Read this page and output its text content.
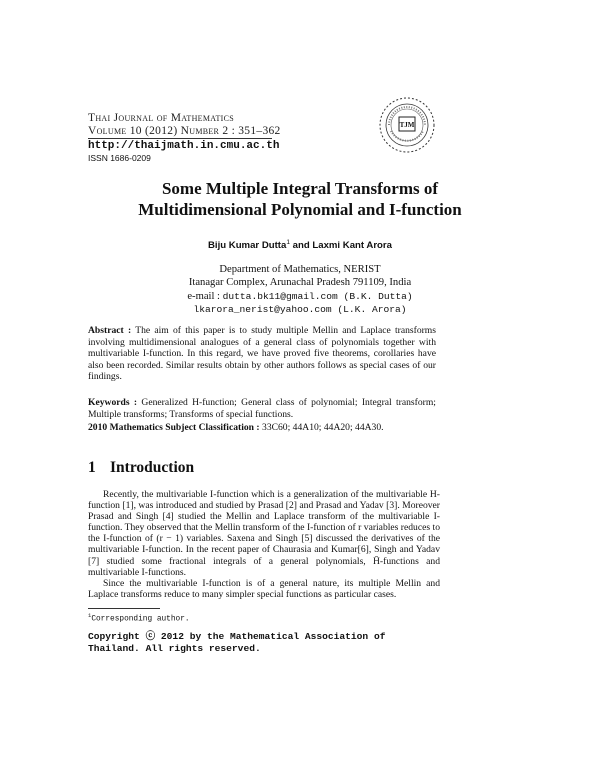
Thai Journal of Mathematics
Volume 10 (2012) Number 2 : 351–362
http://thaijmath.in.cmu.ac.th
ISSN 1686-0209
TJM
Some Multiple Integral Transforms of
Multidimensional Polynomial and I-function
Biju Kumar Dutta$^1$ and Laxmi Kant Arora
Department of Mathematics, NERIST
Itanagar Complex, Arunachal Pradesh 791109, India
e-mail : dutta.bk11@gmail.com (B.K. Dutta)
lkarora_nerist@yahoo.com (L.K. Arora)
Abstract : The aim of this paper is to study multiple Mellin and Laplace transforms involving multidimensional analogues of a general class of polynomials together with multivariable I-function. In this regard, we have proved five theorems, corollaries have also been recorded. Similar results obtain by other authors follows as special cases of our findings.
Keywords : Generalized H-function; General class of polynomial; Integral transform; Multiple transforms; Transforms of special functions.
2010 Mathematics Subject Classification : 33C60; 44A10; 44A20; 44A30.
1 Introduction

Recently, the multivariable I-function which is a generalization of the multivariable H-function [1], was introduced and studied by Prasad [2] and Prasad and Yadav [3]. Moreover Prasad and Singh [4] studied the Mellin and Laplace transform of the multivariable I-function. They observed that the Mellin transform of the I-function of r variables reduces to the I-function of (r − 1) variables. Saxena and Singh [5] discussed the derivatives of the multivariable I-function. In the recent paper of Chaurasia and Kumar[6], Singh and Yadav [7] studied some fractional integrals of a general polynomials, H̄-functions and multivariable I-functions.

Since the multivariable I-function is of a general nature, its multiple Mellin and Laplace transforms reduce to many simpler special functions as particular cases.

$^1$Corresponding author.
Copyright ⓒ 2012 by the Mathematical Association of Thailand. All rights reserved.
